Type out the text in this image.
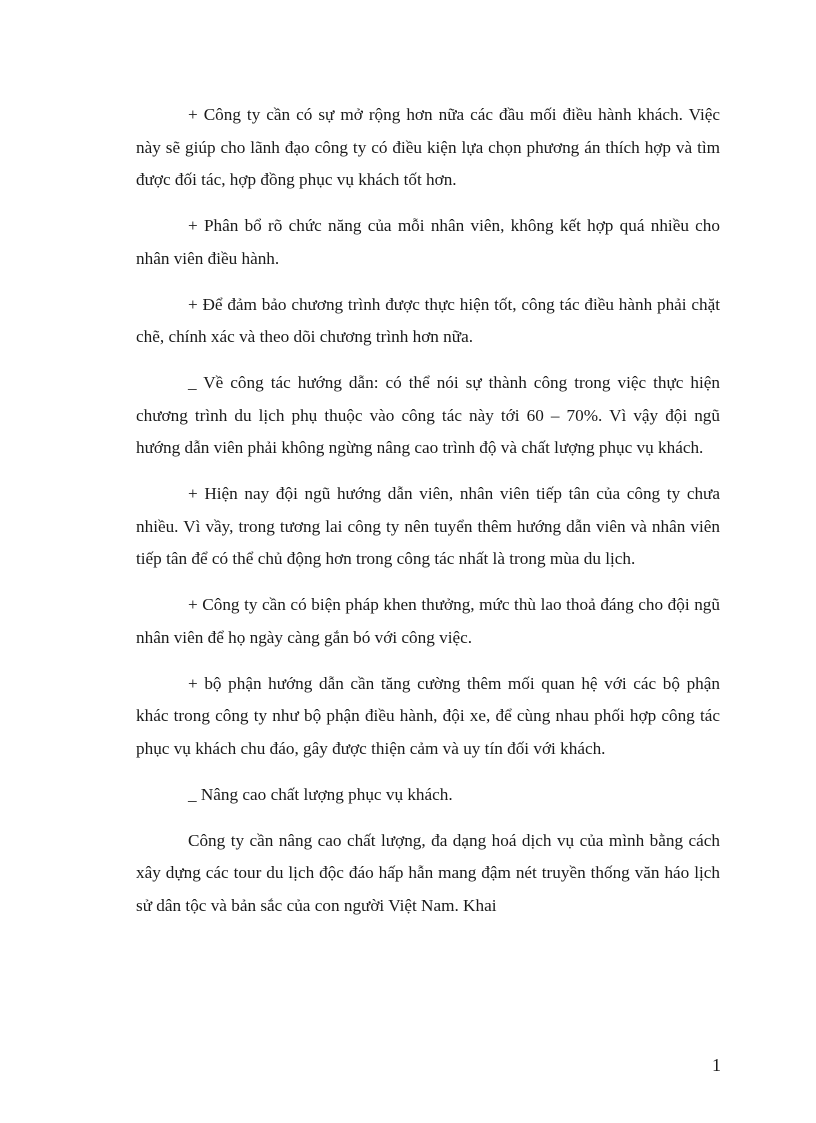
+ Công ty cần có sự mở rộng hơn nữa các đầu mối điều hành khách. Việc này sẽ giúp cho lãnh đạo công ty có điều kiện lựa chọn phương án thích hợp và tìm được đối tác, hợp đồng phục vụ khách tốt hơn.

+ Phân bổ rõ chức năng của mỗi nhân viên, không kết hợp quá nhiều cho nhân viên điều hành.

+ Để đảm bảo chương trình được thực hiện tốt, công tác điều hành phải chặt chẽ, chính xác và theo dõi chương trình hơn nữa.

_ Về công tác hướng dẫn: có thể nói sự thành công trong việc thực hiện chương trình du lịch phụ thuộc vào công tác này tới 60 – 70%. Vì vậy đội ngũ hướng dẫn viên phải không ngừng nâng cao trình độ và chất lượng phục vụ khách.

+ Hiện nay đội ngũ hướng dẫn viên, nhân viên tiếp tân của công ty chưa nhiều. Vì vầy, trong tương lai công ty nên tuyển thêm hướng dẫn viên và nhân viên tiếp tân để có thể chủ động hơn trong công tác nhất là trong mùa du lịch.

+ Công ty cần có biện pháp khen thưởng, mức thù lao thoả đáng cho đội ngũ nhân viên để họ ngày càng gắn bó với công việc.

+ bộ phận hướng dẫn cần tăng cường thêm mối quan hệ với các bộ phận khác trong công ty như bộ phận điều hành, đội xe, để cùng nhau phối hợp công tác phục vụ khách chu đáo, gây được thiện cảm và uy tín đối với khách.

_ Nâng cao chất lượng phục vụ khách.

Công ty cần nâng cao chất lượng, đa dạng hoá dịch vụ của mình bằng cách xây dựng các tour du lịch độc đáo hấp hẫn mang đậm nét truyền thống văn háo lịch sử dân tộc và bản sắc của con người Việt Nam. Khai

1
